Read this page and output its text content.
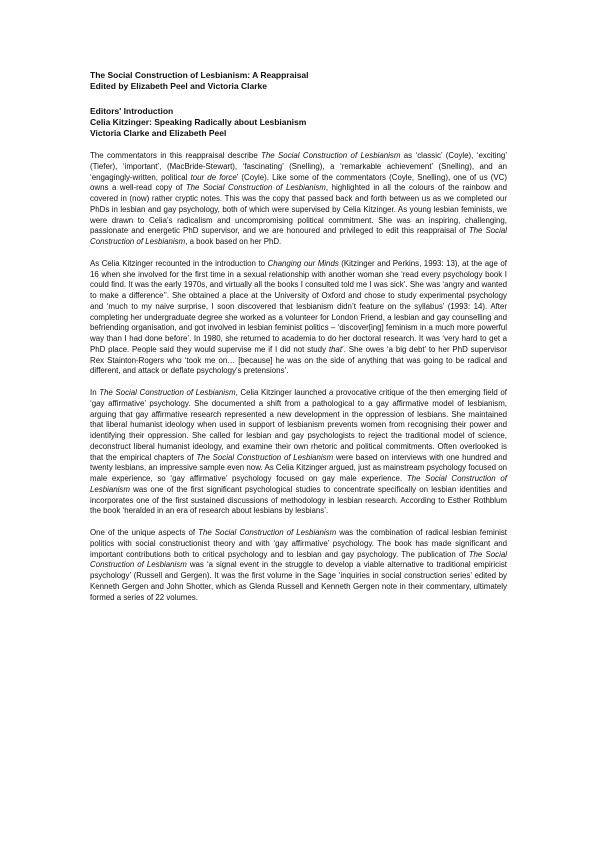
The Social Construction of Lesbianism: A Reappraisal
Edited by Elizabeth Peel and Victoria Clarke
Editors' Introduction
Celia Kitzinger: Speaking Radically about Lesbianism
Victoria Clarke and Elizabeth Peel

The commentators in this reappraisal describe The Social Construction of Lesbianism as ‘classic’ (Coyle), ‘exciting’ (Tiefer), ‘important’, (MacBride-Stewart), ‘fascinating’ (Snelling), a ‘remarkable achievement’ (Snelling), and an ‘engagingly-written, political tour de force’ (Coyle). Like some of the commentators (Coyle, Snelling), one of us (VC) owns a well-read copy of The Social Construction of Lesbianism, highlighted in all the colours of the rainbow and covered in (now) rather cryptic notes. This was the copy that passed back and forth between us as we completed our PhDs in lesbian and gay psychology, both of which were supervised by Celia Kitzinger. As young lesbian feminists, we were drawn to Celia’s radicalism and uncompromising political commitment. She was an inspiring, challenging, passionate and energetic PhD supervisor, and we are honoured and privileged to edit this reappraisal of The Social Construction of Lesbianism, a book based on her PhD.

As Celia Kitzinger recounted in the introduction to Changing our Minds (Kitzinger and Perkins, 1993: 13), at the age of 16 when she involved for the first time in a sexual relationship with another woman she ‘read every psychology book I could find. It was the early 1970s, and virtually all the books I consulted told me I was sick’. She was ‘angry and wanted to make a difference’’. She obtained a place at the University of Oxford and chose to study experimental psychology and ‘much to my naive surprise, I soon discovered that lesbianism didn’t feature on the syllabus’ (1993: 14). After completing her undergraduate degree she worked as a volunteer for London Friend, a lesbian and gay counselling and befriending organisation, and got involved in lesbian feminist politics – ‘discover[ing] feminism in a much more powerful way than I had done before’. In 1980, she returned to academia to do her doctoral research. It was ‘very hard to get a PhD place. People said they would supervise me if I did not study that’. She owes ‘a big debt’ to her PhD supervisor Rex Stainton-Rogers who ‘took me on… [because] he was on the side of anything that was going to be radical and different, and attack or deflate psychology’s pretensions’.

In The Social Construction of Lesbianism, Celia Kitzinger launched a provocative critique of the then emerging field of ‘gay affirmative’ psychology. She documented a shift from a pathological to a gay affirmative model of lesbianism, arguing that gay affirmative research represented a new development in the oppression of lesbians. She maintained that liberal humanist ideology when used in support of lesbianism prevents women from recognising their power and identifying their oppression. She called for lesbian and gay psychologists to reject the traditional model of science, deconstruct liberal humanist ideology, and examine their own rhetoric and political commitments. Often overlooked is that the empirical chapters of The Social Construction of Lesbianism were based on interviews with one hundred and twenty lesbians, an impressive sample even now. As Celia Kitzinger argued, just as mainstream psychology focused on male experience, so ‘gay affirmative’ psychology focused on gay male experience. The Social Construction of Lesbianism was one of the first significant psychological studies to concentrate specifically on lesbian identities and incorporates one of the first sustained discussions of methodology in lesbian research. According to Esther Rothblum the book ‘heralded in an era of research about lesbians by lesbians’.

One of the unique aspects of The Social Construction of Lesbianism was the combination of radical lesbian feminist politics with social constructionist theory and with ‘gay affirmative’ psychology. The book has made significant and important contributions both to critical psychology and to lesbian and gay psychology. The publication of The Social Construction of Lesbianism was ‘a signal event in the struggle to develop a viable alternative to traditional empiricist psychology’ (Russell and Gergen). It was the first volume in the Sage ‘inquiries in social construction series’ edited by Kenneth Gergen and John Shotter, which as Glenda Russell and Kenneth Gergen note in their commentary, ultimately formed a series of 22 volumes.
